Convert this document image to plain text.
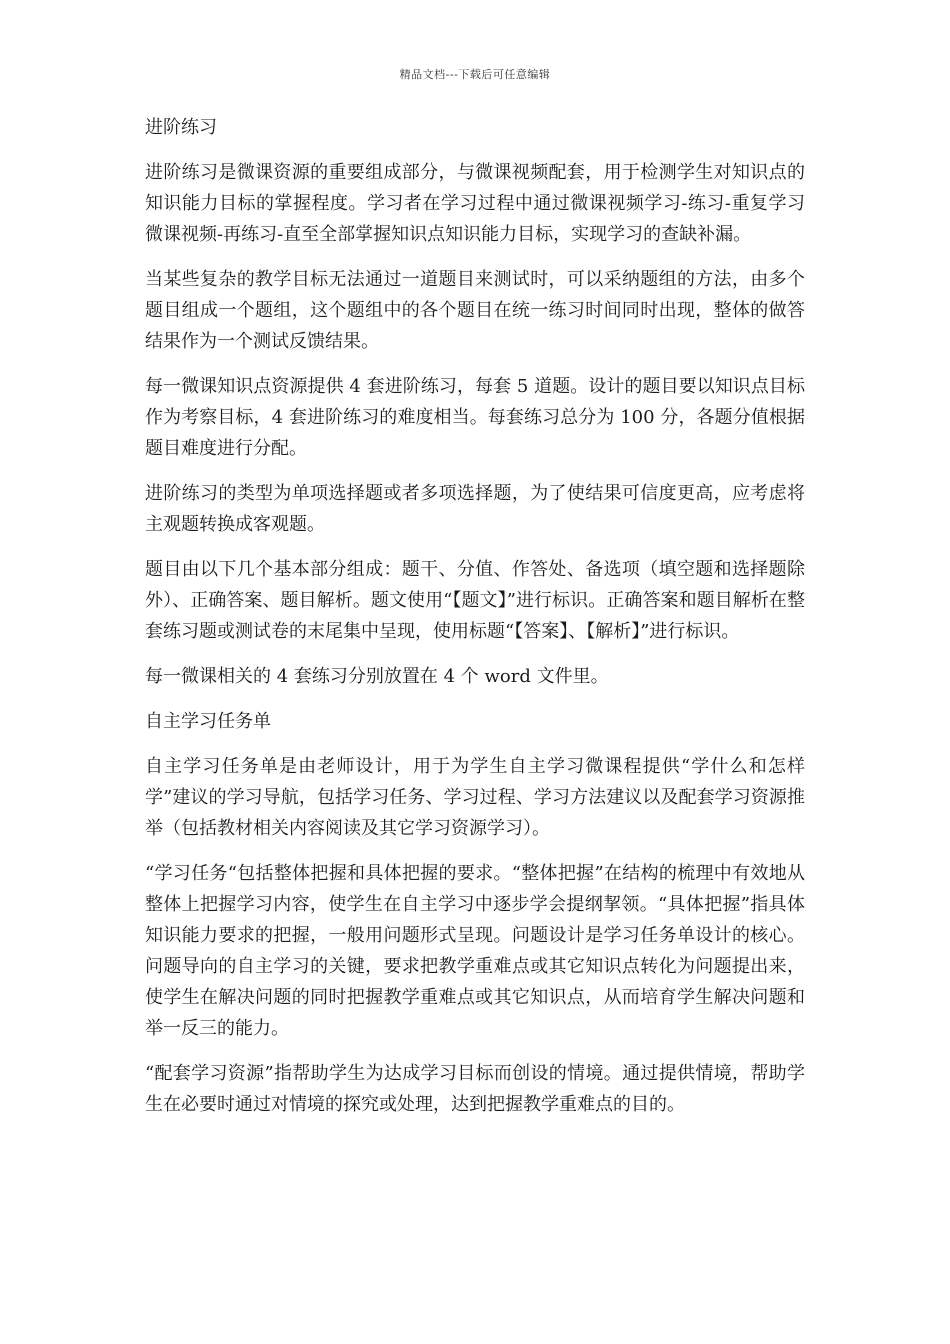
精品文档---下载后可任意编辑
进阶练习

进阶练习是微课资源的重要组成部分，与微课视频配套，用于检测学生对知识点的知识能力目标的掌握程度。学习者在学习过程中通过微课视频学习-练习-重复学习微课视频-再练习-直至全部掌握知识点知识能力目标，实现学习的查缺补漏。

当某些复杂的教学目标无法通过一道题目来测试时，可以采纳题组的方法，由多个题目组成一个题组，这个题组中的各个题目在统一练习时间同时出现，整体的做答结果作为一个测试反馈结果。

每一微课知识点资源提供 4 套进阶练习，每套 5 道题。设计的题目要以知识点目标作为考察目标，4 套进阶练习的难度相当。每套练习总分为 100 分，各题分值根据题目难度进行分配。

进阶练习的类型为单项选择题或者多项选择题，为了使结果可信度更高，应考虑将主观题转换成客观题。

题目由以下几个基本部分组成：题干、分值、作答处、备选项（填空题和选择题除外）、正确答案、题目解析。题文使用“【题文】”进行标识。正确答案和题目解析在整套练习题或测试卷的末尾集中呈现，使用标题“【答案】、【解析】”进行标识。

每一微课相关的 4 套练习分别放置在 4 个 word 文件里。

自主学习任务单

自主学习任务单是由老师设计，用于为学生自主学习微课程提供“学什么和怎样学”建议的学习导航，包括学习任务、学习过程、学习方法建议以及配套学习资源推举（包括教材相关内容阅读及其它学习资源学习）。

“学习任务“包括整体把握和具体把握的要求。“整体把握”在结构的梳理中有效地从整体上把握学习内容，使学生在自主学习中逐步学会提纲挈领。“具体把握”指具体知识能力要求的把握，一般用问题形式呈现。问题设计是学习任务单设计的核心。问题导向的自主学习的关键，要求把教学重难点或其它知识点转化为问题提出来，使学生在解决问题的同时把握教学重难点或其它知识点，从而培育学生解决问题和举一反三的能力。

“配套学习资源”指帮助学生为达成学习目标而创设的情境。通过提供情境，帮助学生在必要时通过对情境的探究或处理，达到把握教学重难点的目的。
